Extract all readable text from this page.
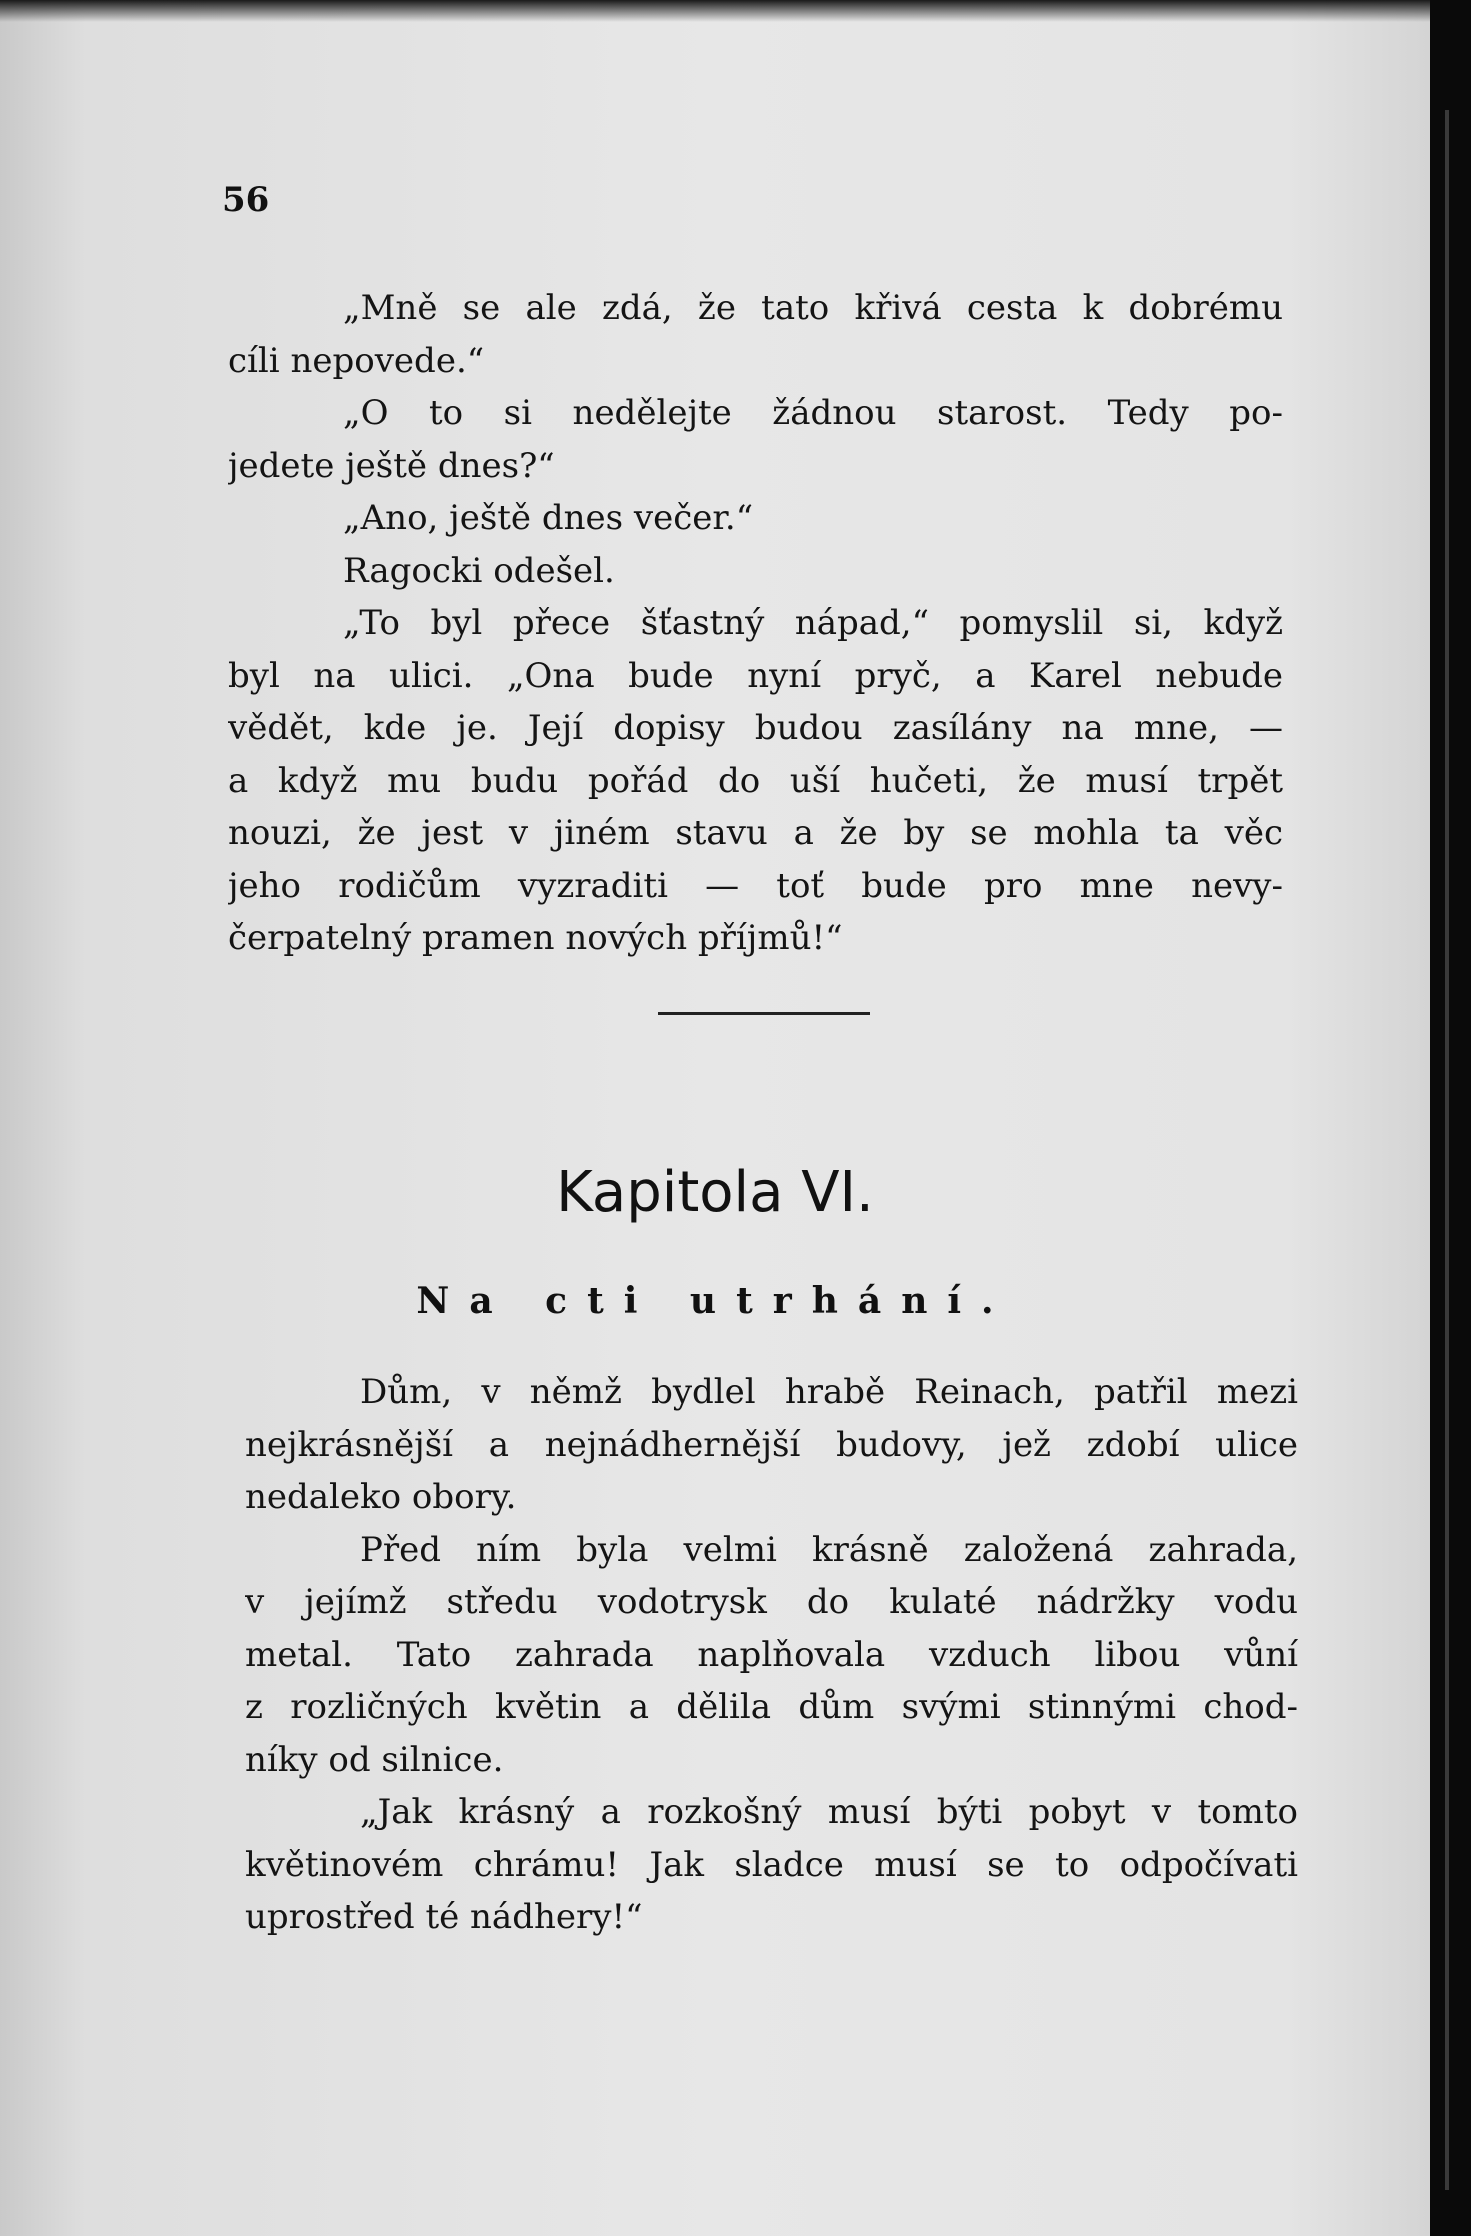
56

„Mně se ale zdá, že tato křivá cesta k dobrému
cíli nepovede.“

„O to si nedělejte žádnou starost. Tedy po-
jedete ještě dnes?“

„Ano, ještě dnes večer.“

Ragocki odešel.

„To byl přece šťastný nápad,“ pomyslil si, když
byl na ulici. „Ona bude nyní pryč, a Karel nebude
vědět, kde je. Její dopisy budou zasílány na mne, —
a když mu budu pořád do uší hučeti, že musí trpět
nouzi, že jest v jiném stavu a že by se mohla ta věc
jeho rodičům vyzraditi — toť bude pro mne nevy-
čerpatelný pramen nových příjmů!“

Kapitola VI.
Na cti utrhání.

Dům, v němž bydlel hrabě Reinach, patřil mezi
nejkrásnější a nejnádhernější budovy, jež zdobí ulice
nedaleko obory.

Před ním byla velmi krásně založená zahrada,
v jejímž středu vodotrysk do kulaté nádržky vodu
metal. Tato zahrada naplňovala vzduch libou vůní
z rozličných květin a dělila dům svými stinnými chod-
níky od silnice.

„Jak krásný a rozkošný musí býti pobyt v tomto
květinovém chrámu! Jak sladce musí se to odpočívati
uprostřed té nádhery!“
